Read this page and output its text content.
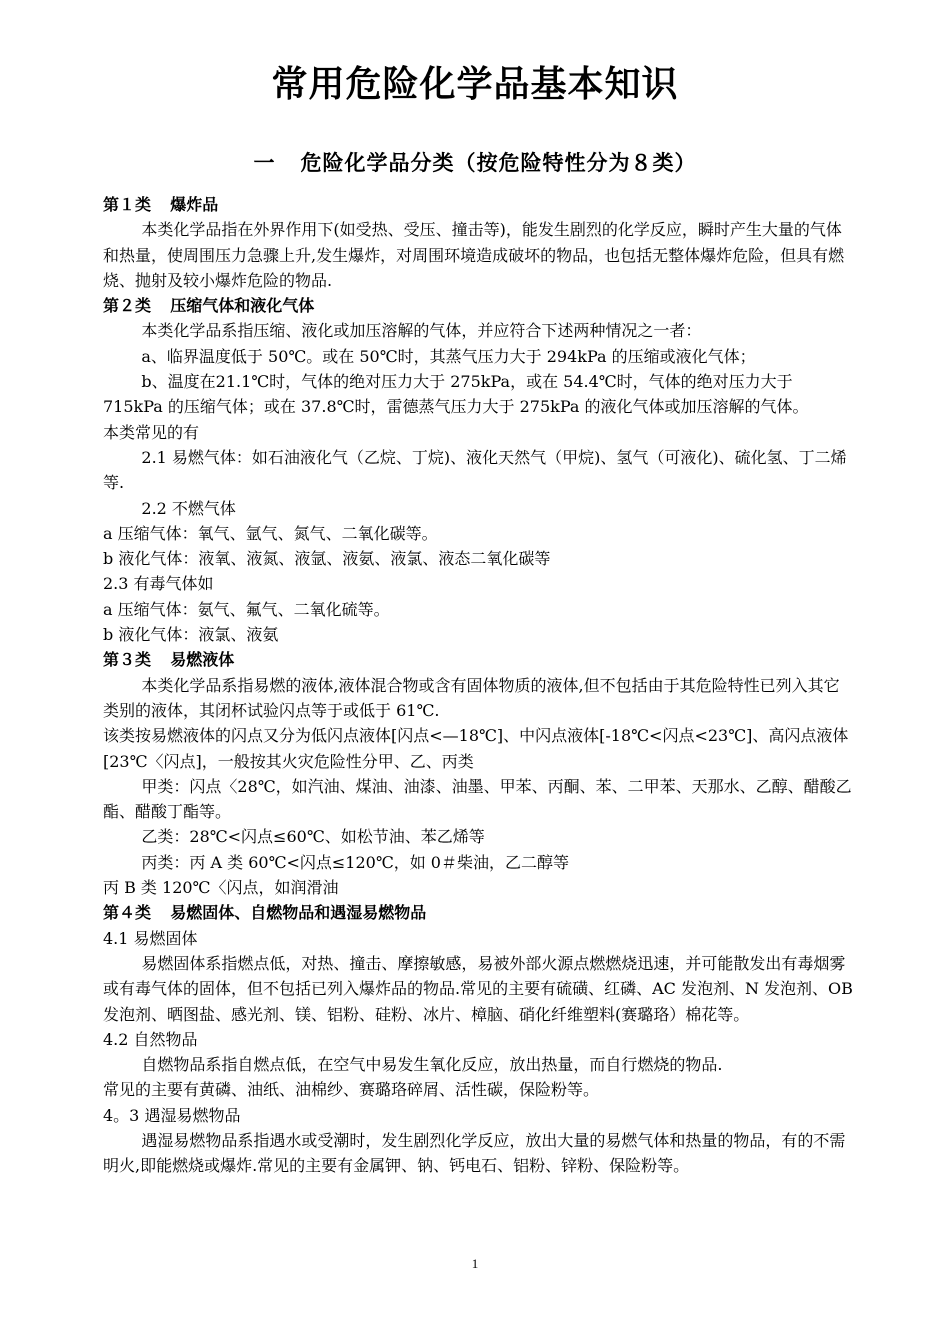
常用危险化学品基本知识
一   危险化学品分类（按危险特性分为８类）

第１类 爆炸品

本类化学品指在外界作用下(如受热、受压、撞击等)，能发生剧烈的化学反应，瞬时产生大量的气体和热量，使周围压力急骤上升,发生爆炸，对周围环境造成破坏的物品，也包括无整体爆炸危险，但具有燃烧、抛射及较小爆炸危险的物品.

第２类 压缩气体和液化气体

本类化学品系指压缩、液化或加压溶解的气体，并应符合下述两种情况之一者：

a、临界温度低于 50℃。或在 50℃时，其蒸气压力大于 294kPa 的压缩或液化气体；

b、温度在21.1℃时，气体的绝对压力大于 275kPa，或在 54.4℃时，气体的绝对压力大于 715kPa 的压缩气体；或在 37.8℃时，雷德蒸气压力大于 275kPa 的液化气体或加压溶解的气体。

本类常见的有

2.1 易燃气体：如石油液化气（乙烷、丁烷)、液化天然气（甲烷)、氢气（可液化)、硫化氢、丁二烯等.

2.2 不燃气体

a 压缩气体：氧气、氩气、氮气、二氧化碳等。

b 液化气体：液氧、液氮、液氩、液氨、液氯、液态二氧化碳等

2.3 有毒气体如

a 压缩气体：氨气、氟气、二氧化硫等。

b 液化气体：液氯、液氨

第３类 易燃液体

本类化学品系指易燃的液体,液体混合物或含有固体物质的液体,但不包括由于其危险特性已列入其它类别的液体，其闭杯试验闪点等于或低于 61℃.

该类按易燃液体的闪点又分为低闪点液体[闪点<—18℃]、中闪点液体[-18℃<闪点<23℃]、高闪点液体 [23℃〈闪点]，一般按其火灾危险性分甲、乙、丙类

甲类：闪点〈28℃，如汽油、煤油、油漆、油墨、甲苯、丙酮、苯、二甲苯、天那水、乙醇、醋酸乙酯、醋酸丁酯等。

乙类：28℃<闪点≤60℃、如松节油、苯乙烯等

丙类：丙 A 类 60℃<闪点≤120℃，如 0＃柴油，乙二醇等

丙 B 类 120℃〈闪点，如润滑油

第４类 易燃固体、自燃物品和遇湿易燃物品

4.1 易燃固体

易燃固体系指燃点低，对热、撞击、摩擦敏感，易被外部火源点燃燃烧迅速，并可能散发出有毒烟雾或有毒气体的固体，但不包括已列入爆炸品的物品.常见的主要有硫磺、红磷、AC 发泡剂、N 发泡剂、OB 发泡剂、晒图盐、感光剂、镁、铝粉、硅粉、冰片、樟脑、硝化纤维塑料(赛璐珞）棉花等。

4.2 自然物品

自燃物品系指自燃点低，在空气中易发生氧化反应，放出热量，而自行燃烧的物品.

常见的主要有黄磷、油纸、油棉纱、赛璐珞碎屑、活性碳，保险粉等。

4。3 遇湿易燃物品

遇湿易燃物品系指遇水或受潮时，发生剧烈化学反应，放出大量的易燃气体和热量的物品，有的不需明火,即能燃烧或爆炸.常见的主要有金属钾、钠、钙电石、铝粉、锌粉、保险粉等。

1
